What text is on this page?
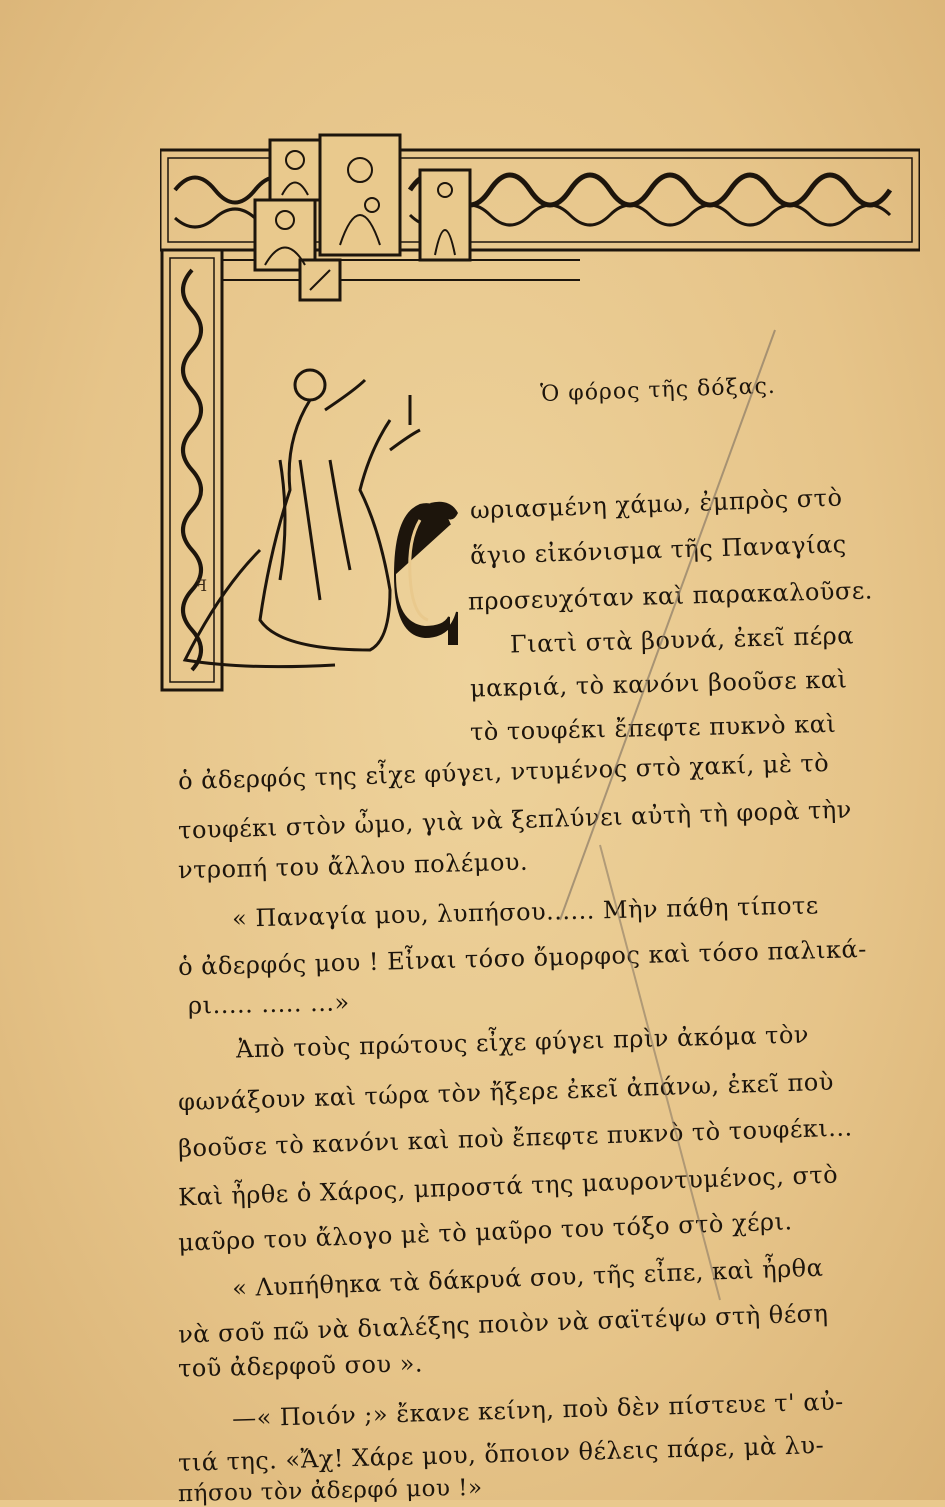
ꟻ
Ὁ φόρος τῆς δόξας.
ωριασμένη χάμω, ἐμπρὸς στὸ
ἅγιο εἰκόνισμα τῆς Παναγίας
προσευχόταν καὶ παρακαλοῦσε.
Γιατὶ στὰ βουνά, ἐκεῖ πέρα
μακριά, τὸ κανόνι βοοῦσε καὶ
τὸ τουφέκι ἔπεφτε πυκνὸ καὶ
ὁ ἀδερφός της εἶχε φύγει, ντυμένος στὸ χακί, μὲ τὸ
τουφέκι στὸν ὦμο, γιὰ νὰ ξεπλύνει αὐτὴ τὴ φορὰ τὴν
ντροπή του ἄλλου πολέμου.
« Παναγία μου, λυπήσου...... Μὴν πάθη τίποτε
ὁ ἀδερφός μου ! Εἶναι τόσο ὄμορφος καὶ τόσο παλικά-
ρι..... ..... ...»
Ἀπὸ τοὺς πρώτους εἶχε φύγει πρὶν ἀκόμα τὸν
φωνάξουν καὶ τώρα τὸν ἤξερε ἐκεῖ ἀπάνω, ἐκεῖ ποὺ
βοοῦσε τὸ κανόνι καὶ ποὺ ἔπεφτε πυκνὸ τὸ τουφέκι...
Καὶ ἦρθε ὁ Χάρος, μπροστά της μαυροντυμένος, στὸ
μαῦρο του ἄλογο μὲ τὸ μαῦρο του τόξο στὸ χέρι.
« Λυπήθηκα τὰ δάκρυά σου, τῆς εἶπε, καὶ ἦρθα
νὰ σοῦ πῶ νὰ διαλέξης ποιὸν νὰ σαϊτέψω στὴ θέση
τοῦ ἀδερφοῦ σου ».
—« Ποιόν ;» ἔκανε κείνη, ποὺ δὲν πίστευε τ' αὐ-
τιά της. «Ἄχ! Χάρε μου, ὅποιον θέλεις πάρε, μὰ λυ-
πήσου τὸν ἀδερφό μου !»
